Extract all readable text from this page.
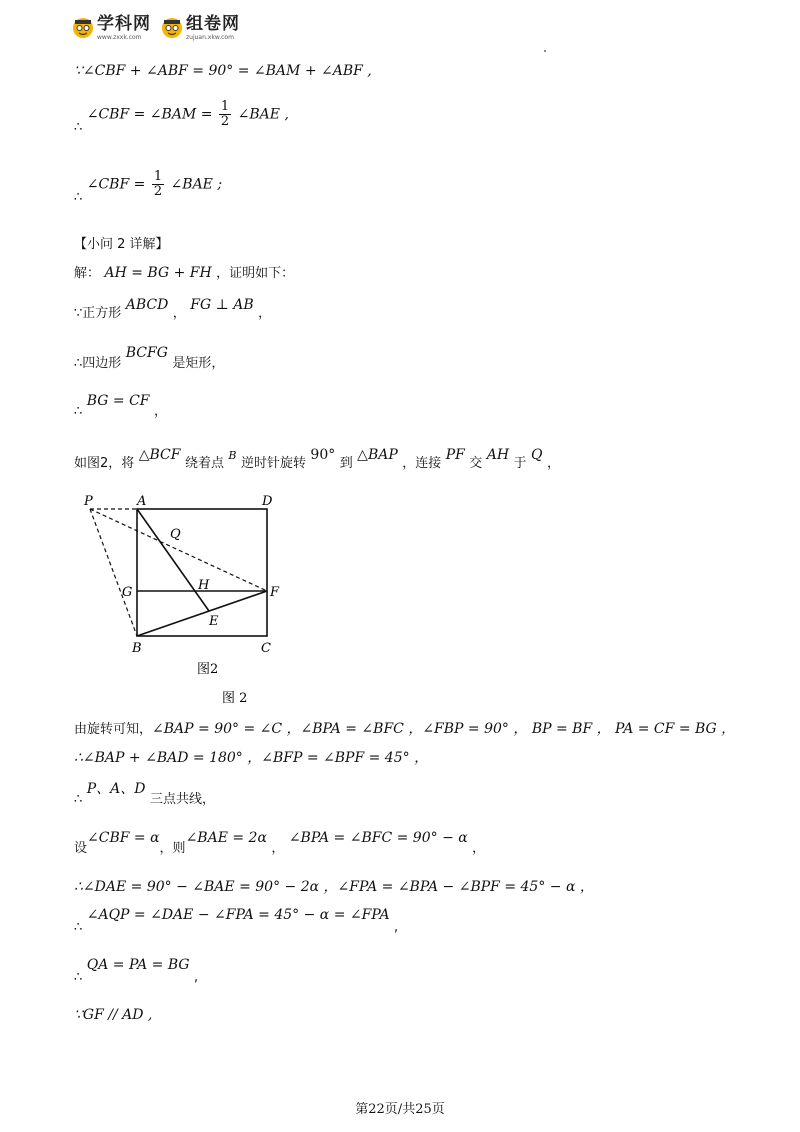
学科网
www.zxxk.com
组卷网
zujuan.xkw.com
∵∠CBF + ∠ABF = 90° = ∠BAM + ∠ABF ,
∴ ∠CBF = ∠BAM = $\frac{1}{2}$ ∠BAE ,
∴ ∠CBF = $\frac{1}{2}$ ∠BAE ;
【小问 2 详解】
解： AH = BG + FH ，证明如下：
∵正方形 ABCD ， FG ⊥ AB ，
∴四边形 BCFG 是矩形，
∴ BG = CF ，
如图2，将 △BCF 绕着点 B 逆时针旋转 90° 到 △BAP ，连接 PF 交 AH 于 Q ，
P	A	D
Q
G	H	F
E
B	C
图2
图 2
由旋转可知，∠BAP = 90° = ∠C ，∠BPA = ∠BFC ，∠FBP = 90° ， BP = BF ， PA = CF = BG ，
∴∠BAP + ∠BAD = 180° ，∠BFP = ∠BPF = 45° ，
∴ P、A、D 三点共线，
设∠CBF = α，则∠BAE = 2α ， ∠BPA = ∠BFC = 90° − α ，
∴∠DAE = 90° − ∠BAE = 90° − 2α ，∠FPA = ∠BPA − ∠BPF = 45° − α ，
∴ ∠AQP = ∠DAE − ∠FPA = 45° − α = ∠FPA ,
∴ QA = PA = BG ,
∵GF // AD ,
第22页/共25页
